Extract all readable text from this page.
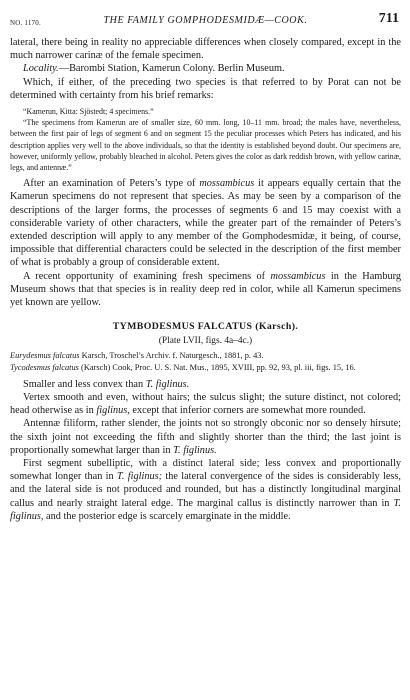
NO. 1170.	THE FAMILY GOMPHODESMIDÆ—COOK.	711

lateral, there being in reality no appreciable differences when closely compared, except in the much narrower carinæ of the female specimen.

Locality.—Barombi Station, Kamerun Colony. Berlin Museum.

Which, if either, of the preceding two species is that referred to by Porat can not be determined with certainty from his brief remarks:

“Kamerun, Kitta: Sjöstedt; 4 specimens.”

“The specimens from Kamerun are of smaller size, 60 mm. long, 10–11 mm. broad; the males have, nevertheless, between the first pair of legs of segment 6 and on segment 15 the peculiar processes which Peters has indicated, and his description applies very well to the above individuals, so that the identity is established beyond doubt. Our specimens are, however, uniformly yellow, probably bleached in alcohol. Peters gives the color as dark reddish brown, with yellow carinæ, legs, and antennæ.”

After an examination of Peters’s type of mossambicus it appears equally certain that the Kamerun specimens do not represent that species. As may be seen by a comparison of the descriptions of the larger forms, the processes of segments 6 and 15 may coexist with a considerable variety of other characters, while the greater part of the remainder of Peters’s extended description will apply to any member of the Gomphodesmidæ, it being, of course, impossible that differential characters could be selected in the description of the first member of what is probably a group of considerable extent.

A recent opportunity of examining fresh specimens of mossambicus in the Hamburg Museum shows that that species is in reality deep red in color, while all Kamerun specimens yet known are yellow.

TYMBODESMUS FALCATUS (Karsch).
(Plate LVII, figs. 4a–4c.)

Eurydesmus falcatus Karsch, Troschel’s Archiv. f. Naturgesch., 1881, p. 43.

Tycodesmus falcatus (Karsch) Cook, Proc. U. S. Nat. Mus., 1895, XVIII, pp. 92, 93, pl. iii, figs. 15, 16.

Smaller and less convex than T. figlinus.

Vertex smooth and even, without hairs; the sulcus slight; the suture distinct, not colored; head otherwise as in figlinus, except that inferior corners are somewhat more rounded.

Antennæ filiform, rather slender, the joints not so strongly obconic nor so densely hirsute; the sixth joint not exceeding the fifth and slightly shorter than the third; the last joint is proportionally somewhat larger than in T. figlinus.

First segment subelliptic, with a distinct lateral side; less convex and proportionally somewhat longer than in T. figlinus; the lateral convergence of the sides is considerably less, and the lateral side is not produced and rounded, but has a distinctly longitudinal marginal callus and nearly straight lateral edge. The marginal callus is distinctly narrower than in T. figlinus, and the posterior edge is scarcely emarginate in the middle.
